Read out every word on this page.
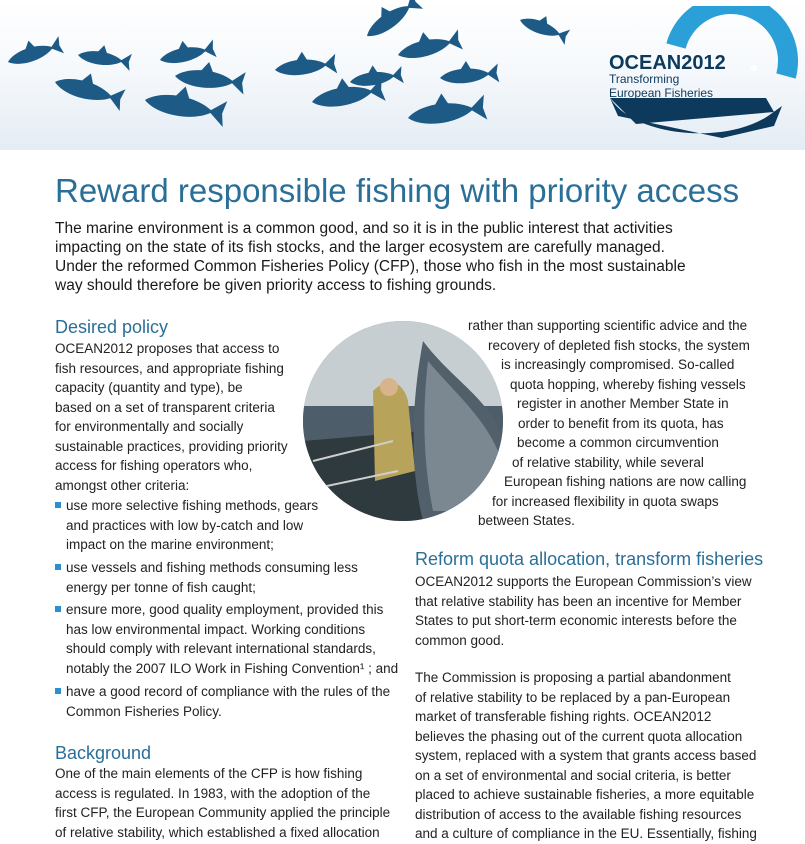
OCEAN2012
Transforming
European Fisheries
Reward responsible fishing with priority access
The marine environment is a common good, and so it is in the public interest that activities
impacting on the state of its fish stocks, and the larger ecosystem are carefully managed.
Under the reformed Common Fisheries Policy (CFP), those who fish in the most sustainable
way should therefore be given priority access to fishing grounds.
Desired policy
OCEAN2012 proposes that access to
fish resources, and appropriate fishing
capacity (quantity and type), be
based on a set of transparent criteria
for environmentally and socially
sustainable practices, providing priority
access for fishing operators who,
amongst other criteria:
use more selective fishing methods, gears
and practices with low by-catch and low
impact on the marine environment;
use vessels and fishing methods consuming less
energy per tonne of fish caught;
ensure more, good quality employment, provided this
has low environmental impact. Working conditions
should comply with relevant international standards,
notably the 2007 ILO Work in Fishing Convention¹ ; and
have a good record of compliance with the rules of the
Common Fisheries Policy.
Background
One of the main elements of the CFP is how fishing
access is regulated. In 1983, with the adoption of the
first CFP, the European Community applied the principle
of relative stability, which established a fixed allocation
rather than supporting scientific advice and the
recovery of depleted fish stocks, the system
is increasingly compromised. So-called
quota hopping, whereby fishing vessels
register in another Member State in
order to benefit from its quota, has
become a common circumvention
of relative stability, while several
European fishing nations are now calling
for increased flexibility in quota swaps
between States.
Reform quota allocation, transform fisheries
OCEAN2012 supports the European Commission’s view
that relative stability has been an incentive for Member
States to put short-term economic interests before the
common good.
The Commission is proposing a partial abandonment
of relative stability to be replaced by a pan-European
market of transferable fishing rights. OCEAN2012
believes the phasing out of the current quota allocation
system, replaced with a system that grants access based
on a set of environmental and social criteria, is better
placed to achieve sustainable fisheries, a more equitable
distribution of access to the available fishing resources
and a culture of compliance in the EU. Essentially, fishing
